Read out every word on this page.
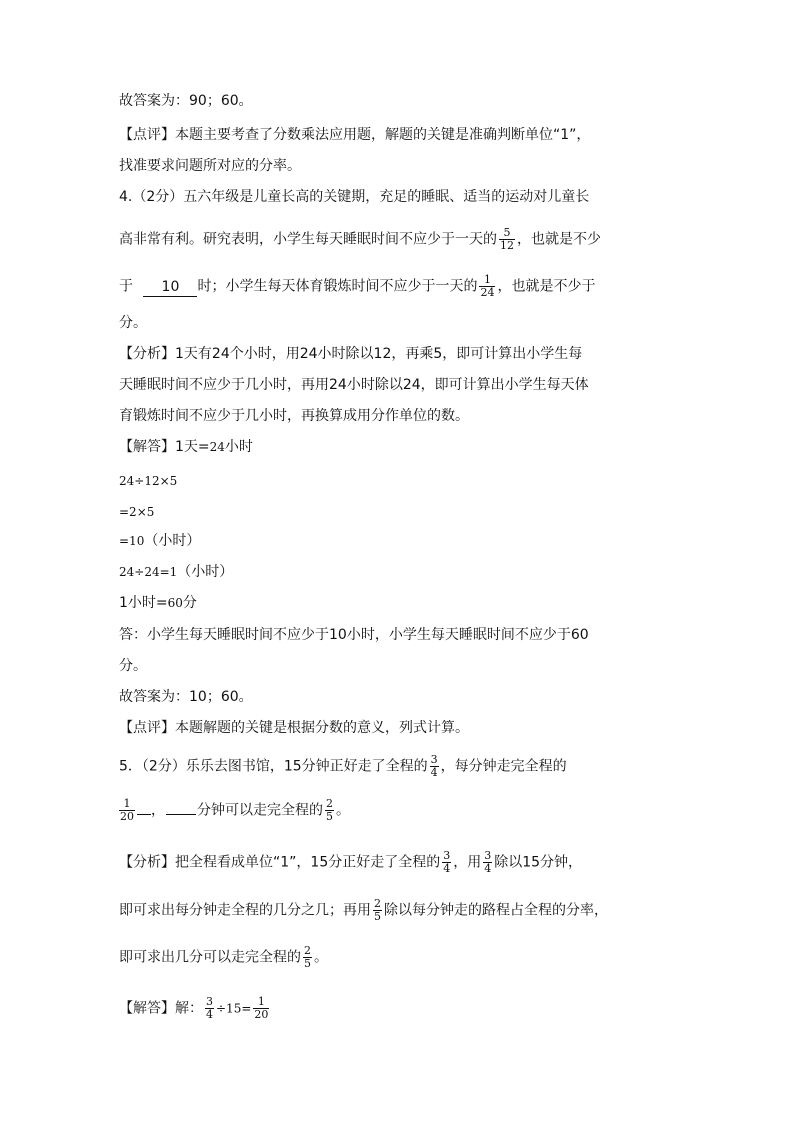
故答案为：90；60。
【点评】本题主要考查了分数乘法应用题，解题的关键是准确判断单位“1”，
找准要求问题所对应的分率。
4.（2分）五六年级是儿童长高的关键期，充足的睡眠、适当的运动对儿童长
高非常有利。研究表明，小学生每天睡眠时间不应少于一天的 $\frac{5}{12}$ ，也就是不少
于 10 时；小学生每天体育锻炼时间不应少于一天的 $\frac{1}{24}$ ，也就是不少于
分。
【分析】1天有24个小时，用24小时除以12，再乘5，即可计算出小学生每
天睡眠时间不应少于几小时，再用24小时除以24，即可计算出小学生每天体
育锻炼时间不应少于几小时，再换算成用分作单位的数。
【解答】1天=24小时
24÷12×5
=2×5
=10（小时）
24÷24=1（小时）
1小时=60分
答：小学生每天睡眠时间不应少于10小时，小学生每天睡眠时间不应少于60
分。
故答案为：10；60。
【点评】本题解题的关键是根据分数的意义，列式计算。
5．（2分）乐乐去图书馆，15分钟正好走了全程的 $\frac{3}{4}$ ，每分钟走完全程的
$\frac{1}{20}$ ， 分钟可以走完全程的 $\frac{2}{5}$ 。
【分析】把全程看成单位“1”，15分正好走了全程的 $\frac{3}{4}$ ，用 $\frac{3}{4}$ 除以15分钟，
即可求出每分钟走全程的几分之几；再用 $\frac{2}{5}$ 除以每分钟走的路程占全程的分率，
即可求出几分可以走完全程的 $\frac{2}{5}$ 。
【解答】解： $\frac{3}{4} \div 15= \frac{1}{20}$
